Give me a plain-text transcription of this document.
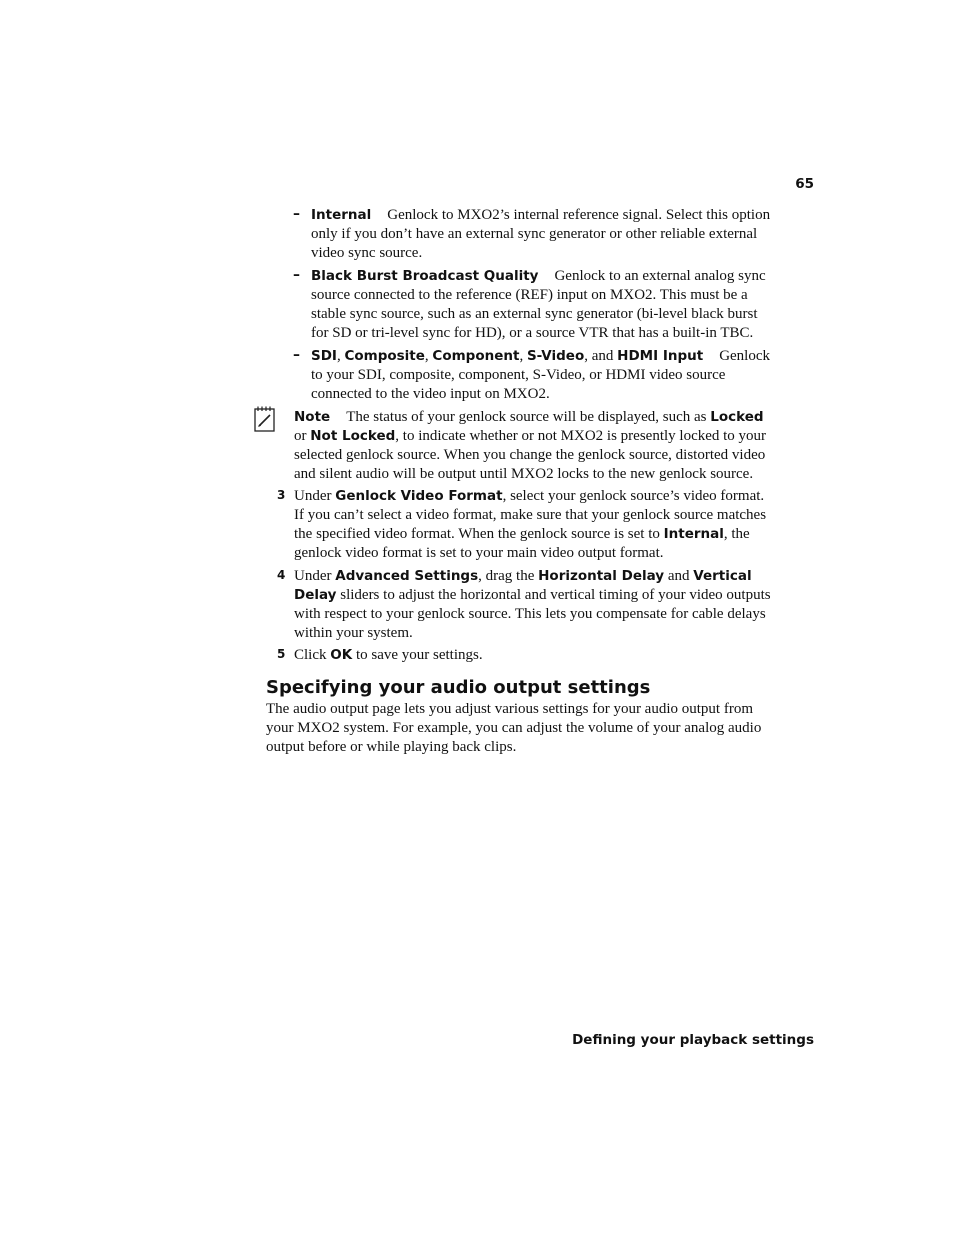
65
– Internal Genlock to MXO2’s internal reference signal. Select this option only if you don’t have an external sync generator or other reliable external video sync source.

– Black Burst Broadcast Quality Genlock to an external analog sync source connected to the reference (REF) input on MXO2. This must be a stable sync source, such as an external sync generator (bi-level black burst for SD or tri-level sync for HD), or a source VTR that has a built-in TBC.

– SDI, Composite, Component, S-Video, and HDMI Input Genlock to your SDI, composite, component, S-Video, or HDMI video source connected to the video input on MXO2.

Note The status of your genlock source will be displayed, such as Locked or Not Locked, to indicate whether or not MXO2 is presently locked to your selected genlock source. When you change the genlock source, distorted video and silent audio will be output until MXO2 locks to the new genlock source.

3 Under Genlock Video Format, select your genlock source’s video format. If you can’t select a video format, make sure that your genlock source matches the specified video format. When the genlock source is set to Internal, the genlock video format is set to your main video output format.

4 Under Advanced Settings, drag the Horizontal Delay and Vertical Delay sliders to adjust the horizontal and vertical timing of your video outputs with respect to your genlock source. This lets you compensate for cable delays within your system.

5 Click OK to save your settings.

Specifying your audio output settings

The audio output page lets you adjust various settings for your audio output from your MXO2 system. For example, you can adjust the volume of your analog audio output before or while playing back clips.

Defining your playback settings
